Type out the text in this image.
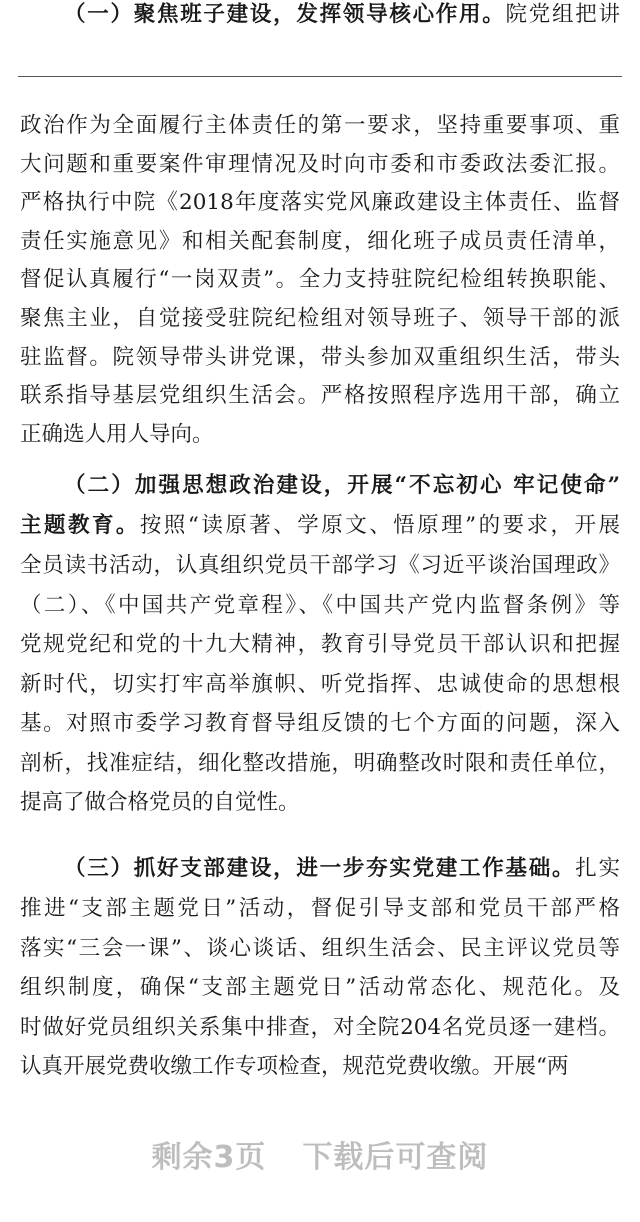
（一）聚焦班子建设，发挥领导核心作用。院党组把讲
政治作为全面履行主体责任的第一要求，坚持重要事项、重
大问题和重要案件审理情况及时向市委和市委政法委汇报。
严格执行中院《2018年度落实党风廉政建设主体责任、监督
责任实施意见》和相关配套制度，细化班子成员责任清单，
督促认真履行“一岗双责”。全力支持驻院纪检组转换职能、
聚焦主业，自觉接受驻院纪检组对领导班子、领导干部的派
驻监督。院领导带头讲党课，带头参加双重组织生活，带头
联系指导基层党组织生活会。严格按照程序选用干部，确立
正确选人用人导向。
（二）加强思想政治建设，开展“不忘初心 牢记使命”
主题教育。按照“读原著、学原文、悟原理”的要求，开展
全员读书活动，认真组织党员干部学习《习近平谈治国理政》
（二）、《中国共产党章程》、《中国共产党内监督条例》等
党规党纪和党的十九大精神，教育引导党员干部认识和把握
新时代，切实打牢高举旗帜、听党指挥、忠诚使命的思想根
基。对照市委学习教育督导组反馈的七个方面的问题，深入
剖析，找准症结，细化整改措施，明确整改时限和责任单位，
提高了做合格党员的自觉性。
（三）抓好支部建设，进一步夯实党建工作基础。扎实
推进“支部主题党日”活动，督促引导支部和党员干部严格
落实“三会一课”、谈心谈话、组织生活会、民主评议党员等
组织制度，确保“支部主题党日”活动常态化、规范化。及
时做好党员组织关系集中排查，对全院204名党员逐一建档。
认真开展党费收缴工作专项检查，规范党费收缴。开展“两
剩余3页 下载后可查阅
